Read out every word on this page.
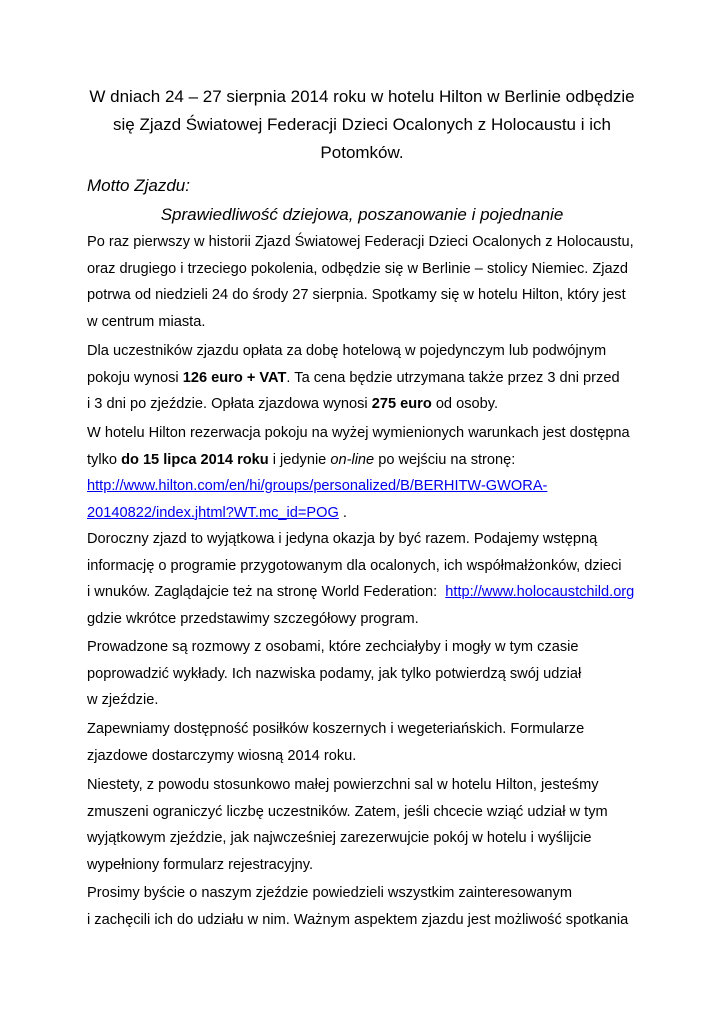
W dniach 24 – 27 sierpnia 2014 roku w hotelu Hilton w Berlinie odbędzie
się Zjazd Światowej Federacji Dzieci Ocalonych z Holocaustu i ich
Potomków.
Motto Zjazdu:
Sprawiedliwość dziejowa, poszanowanie i pojednanie
Po raz pierwszy w historii Zjazd Światowej Federacji Dzieci Ocalonych z Holocaustu,
oraz drugiego i trzeciego pokolenia, odbędzie się w Berlinie – stolicy Niemiec. Zjazd
potrwa od niedzieli 24 do środy 27 sierpnia. Spotkamy się w hotelu Hilton, który jest
w centrum miasta.
Dla uczestników zjazdu opłata za dobę hotelową w pojedynczym lub podwójnym
pokoju wynosi 126 euro + VAT. Ta cena będzie utrzymana także przez 3 dni przed
i 3 dni po zjeździe. Opłata zjazdowa wynosi 275 euro od osoby.
W hotelu Hilton rezerwacja pokoju na wyżej wymienionych warunkach jest dostępna
tylko do 15 lipca 2014 roku i jedynie on-line po wejściu na stronę:
http://www.hilton.com/en/hi/groups/personalized/B/BERHITW-GWORA-
20140822/index.jhtml?WT.mc_id=POG .
Doroczny zjazd to wyjątkowa i jedyna okazja by być razem. Podajemy wstępną
informację o programie przygotowanym dla ocalonych, ich współmałżonków, dzieci
i wnuków. Zaglądajcie też na stronę World Federation:  http://www.holocaustchild.org
gdzie wkrótce przedstawimy szczegółowy program.
Prowadzone są rozmowy z osobami, które zechciałyby i mogły w tym czasie
poprowadzić wykłady. Ich nazwiska podamy, jak tylko potwierdzą swój udział
w zjeździe.
Zapewniamy dostępność posiłków koszernych i wegeteriańskich. Formularze
zjazdowe dostarczymy wiosną 2014 roku.
Niestety, z powodu stosunkowo małej powierzchni sal w hotelu Hilton, jesteśmy
zmuszeni ograniczyć liczbę uczestników. Zatem, jeśli chcecie wziąć udział w tym
wyjątkowym zjeździe, jak najwcześniej zarezerwujcie pokój w hotelu i wyślijcie
wypełniony formularz rejestracyjny.
Prosimy byście o naszym zjeździe powiedzieli wszystkim zainteresowanym
i zachęcili ich do udziału w nim. Ważnym aspektem zjazdu jest możliwość spotkania
